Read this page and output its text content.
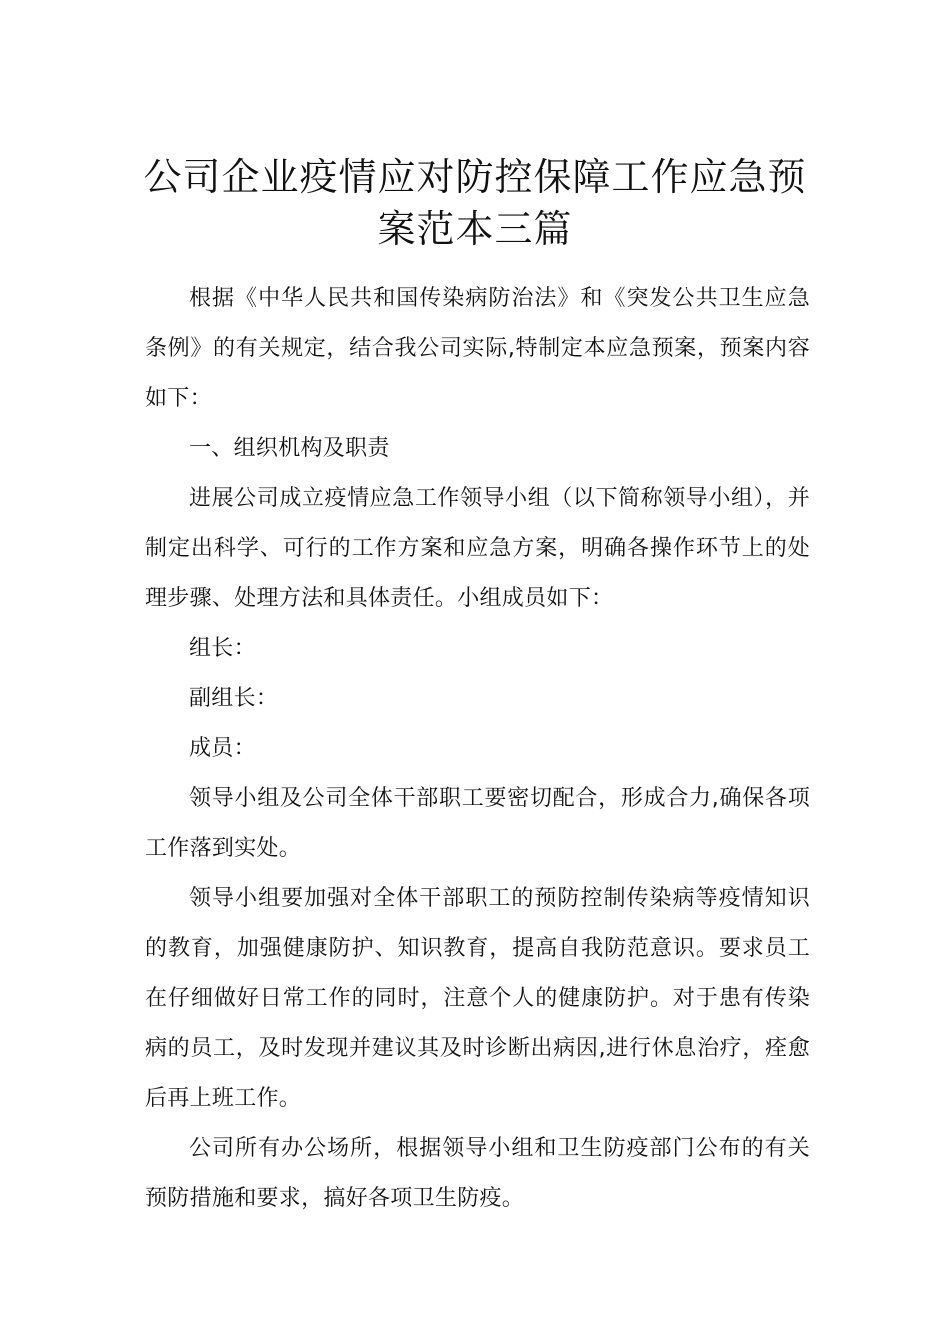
公司企业疫情应对防控保障工作应急预
案范本三篇

根据《中华人民共和国传染病防治法》和《突发公共卫生应急条例》的有关规定，结合我公司实际,特制定本应急预案，预案内容如下：

一、组织机构及职责

进展公司成立疫情应急工作领导小组（以下简称领导小组），并制定出科学、可行的工作方案和应急方案，明确各操作环节上的处理步骤、处理方法和具体责任。小组成员如下：

组长：

副组长：

成员：

领导小组及公司全体干部职工要密切配合，形成合力,确保各项工作落到实处。

领导小组要加强对全体干部职工的预防控制传染病等疫情知识的教育，加强健康防护、知识教育，提高自我防范意识。要求员工在仔细做好日常工作的同时，注意个人的健康防护。对于患有传染病的员工，及时发现并建议其及时诊断出病因,进行休息治疗，痊愈后再上班工作。

公司所有办公场所，根据领导小组和卫生防疫部门公布的有关预防措施和要求，搞好各项卫生防疫。
